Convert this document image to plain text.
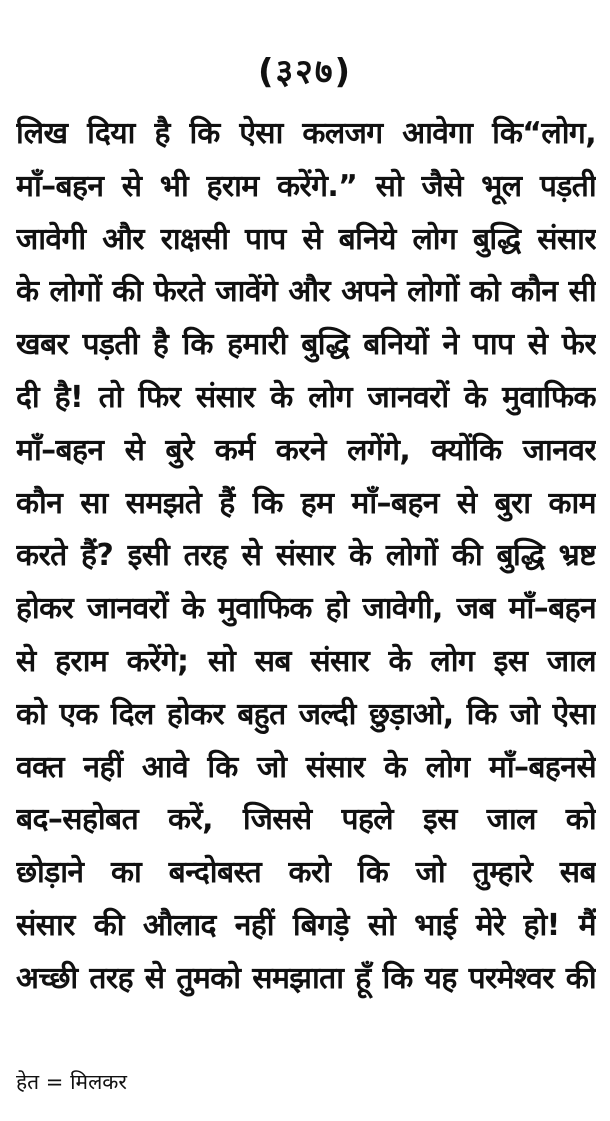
(३२७)
लिख दिया है कि ऐसा कलजग आवेगा कि“लोग,
माँ–बहन से भी हराम करेंगे.” सो जैसे भूल पड़ती
जावेगी और राक्षसी पाप से बनिये लोग बुद्धि संसार
के लोगों की फेरते जावेंगे और अपने लोगों को कौन सी
खबर पड़ती है कि हमारी बुद्धि बनियों ने पाप से फेर
दी है! तो फिर संसार के लोग जानवरों के मुवाफिक
माँ–बहन से बुरे कर्म करने लगेंगे, क्योंकि जानवर
कौन सा समझते हैं कि हम माँ–बहन से बुरा काम
करते हैं? इसी तरह से संसार के लोगों की बुद्धि भ्रष्ट
होकर जानवरों के मुवाफिक हो जावेगी, जब माँ–बहन
से हराम करेंगे; सो सब संसार के लोग इस जाल
को एक दिल होकर बहुत जल्दी छुड़ाओ, कि जो ऐसा
वक्त नहीं आवे कि जो संसार के लोग माँ–बहनसे
बद–सहोबत करें, जिससे पहले इस जाल को
छोड़ाने का बन्दोबस्त करो कि जो तुम्हारे सब
संसार की औलाद नहीं बिगड़े सो भाई मेरे हो! मैं
अच्छी तरह से तुमको समझाता हूँ कि यह परमेश्वर की
हेत = मिलकर
